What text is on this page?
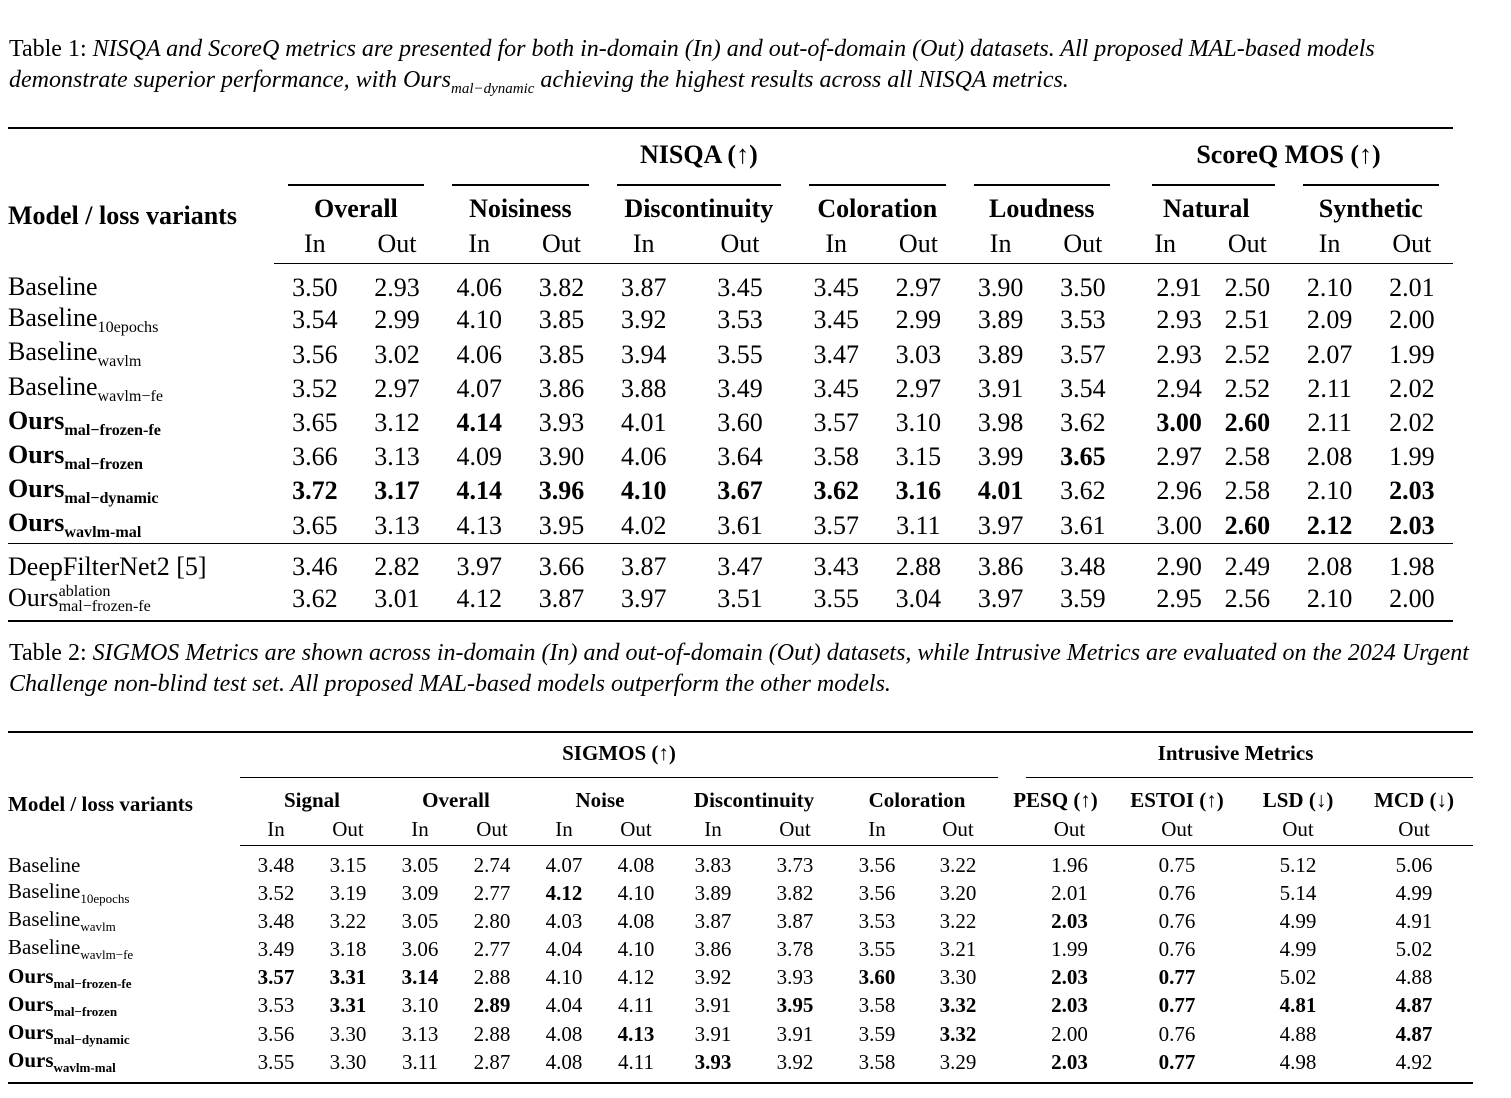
Table 1: NISQA and ScoreQ metrics are presented for both in-domain (In) and out-of-domain (Out) datasets. All proposed MAL-based models demonstrate superior performance, with Ours$_{mal-dynamic}$ achieving the highest results across all NISQA metrics.
Model / loss variants	NISQA (↑)										ScoreQ MOS (↑)			

Overall		Noisiness		Discontinuity		Coloration		Loudness		Natural		Synthetic	
	In	Out	In	Out	In	Out	In	Out	In	Out	In	Out	In	Out
Baseline	3.50	2.93	4.06	3.82	3.87	3.45	3.45	2.97	3.90	3.50	2.91	2.50	2.10	2.01
Baseline$_{10epochs}$	3.54	2.99	4.10	3.85	3.92	3.53	3.45	2.99	3.89	3.53	2.93	2.51	2.09	2.00
Baseline$_{wavlm}$	3.56	3.02	4.06	3.85	3.94	3.55	3.47	3.03	3.89	3.57	2.93	2.52	2.07	1.99
Baseline$_{wavlm-fe}$	3.52	2.97	4.07	3.86	3.88	3.49	3.45	2.97	3.91	3.54	2.94	2.52	2.11	2.02
Ours$_{mal-frozen-fe}$	3.65	3.12	4.14	3.93	4.01	3.60	3.57	3.10	3.98	3.62	3.00	2.60	2.11	2.02
Ours$_{mal-frozen}$	3.66	3.13	4.09	3.90	4.06	3.64	3.58	3.15	3.99	3.65	2.97	2.58	2.08	1.99
Ours$_{mal-dynamic}$	3.72	3.17	4.14	3.96	4.10	3.67	3.62	3.16	4.01	3.62	2.96	2.58	2.10	2.03
Ours$_{wavlm-mal}$	3.65	3.13	4.13	3.95	4.02	3.61	3.57	3.11	3.97	3.61	3.00	2.60	2.12	2.03
DeepFilterNet2 [5]	3.46	2.82	3.97	3.66	3.87	3.47	3.43	2.88	3.86	3.48	2.90	2.49	2.08	1.98
Ours ablation
mal−frozen-fe	3.62	3.01	4.12	3.87	3.97	3.51	3.55	3.04	3.97	3.59	2.95	2.56	2.10	2.00
Table 2: SIGMOS Metrics are shown across in-domain (In) and out-of-domain (Out) datasets, while Intrusive Metrics are evaluated on the 2024 Urgent Challenge non-blind test set. All proposed MAL-based models outperform the other models.
Model / loss variants	SIGMOS (↑)										Intrusive Metrics			

Signal		Overall		Noise		Discontinuity		Coloration		PESQ (↑)	ESTOI (↑)	LSD (↓)	MCD (↓)
	In	Out	In	Out	In	Out	In	Out	In	Out	Out	Out	Out	Out
Baseline	3.48	3.15	3.05	2.74	4.07	4.08	3.83	3.73	3.56	3.22	1.96	0.75	5.12	5.06
Baseline$_{10epochs}$	3.52	3.19	3.09	2.77	4.12	4.10	3.89	3.82	3.56	3.20	2.01	0.76	5.14	4.99
Baseline$_{wavlm}$	3.48	3.22	3.05	2.80	4.03	4.08	3.87	3.87	3.53	3.22	2.03	0.76	4.99	4.91
Baseline$_{wavlm-fe}$	3.49	3.18	3.06	2.77	4.04	4.10	3.86	3.78	3.55	3.21	1.99	0.76	4.99	5.02
Ours$_{mal-frozen-fe}$	3.57	3.31	3.14	2.88	4.10	4.12	3.92	3.93	3.60	3.30	2.03	0.77	5.02	4.88
Ours$_{mal-frozen}$	3.53	3.31	3.10	2.89	4.04	4.11	3.91	3.95	3.58	3.32	2.03	0.77	4.81	4.87
Ours$_{mal-dynamic}$	3.56	3.30	3.13	2.88	4.08	4.13	3.91	3.91	3.59	3.32	2.00	0.76	4.88	4.87
Ours$_{wavlm-mal}$	3.55	3.30	3.11	2.87	4.08	4.11	3.93	3.92	3.58	3.29	2.03	0.77	4.98	4.92
